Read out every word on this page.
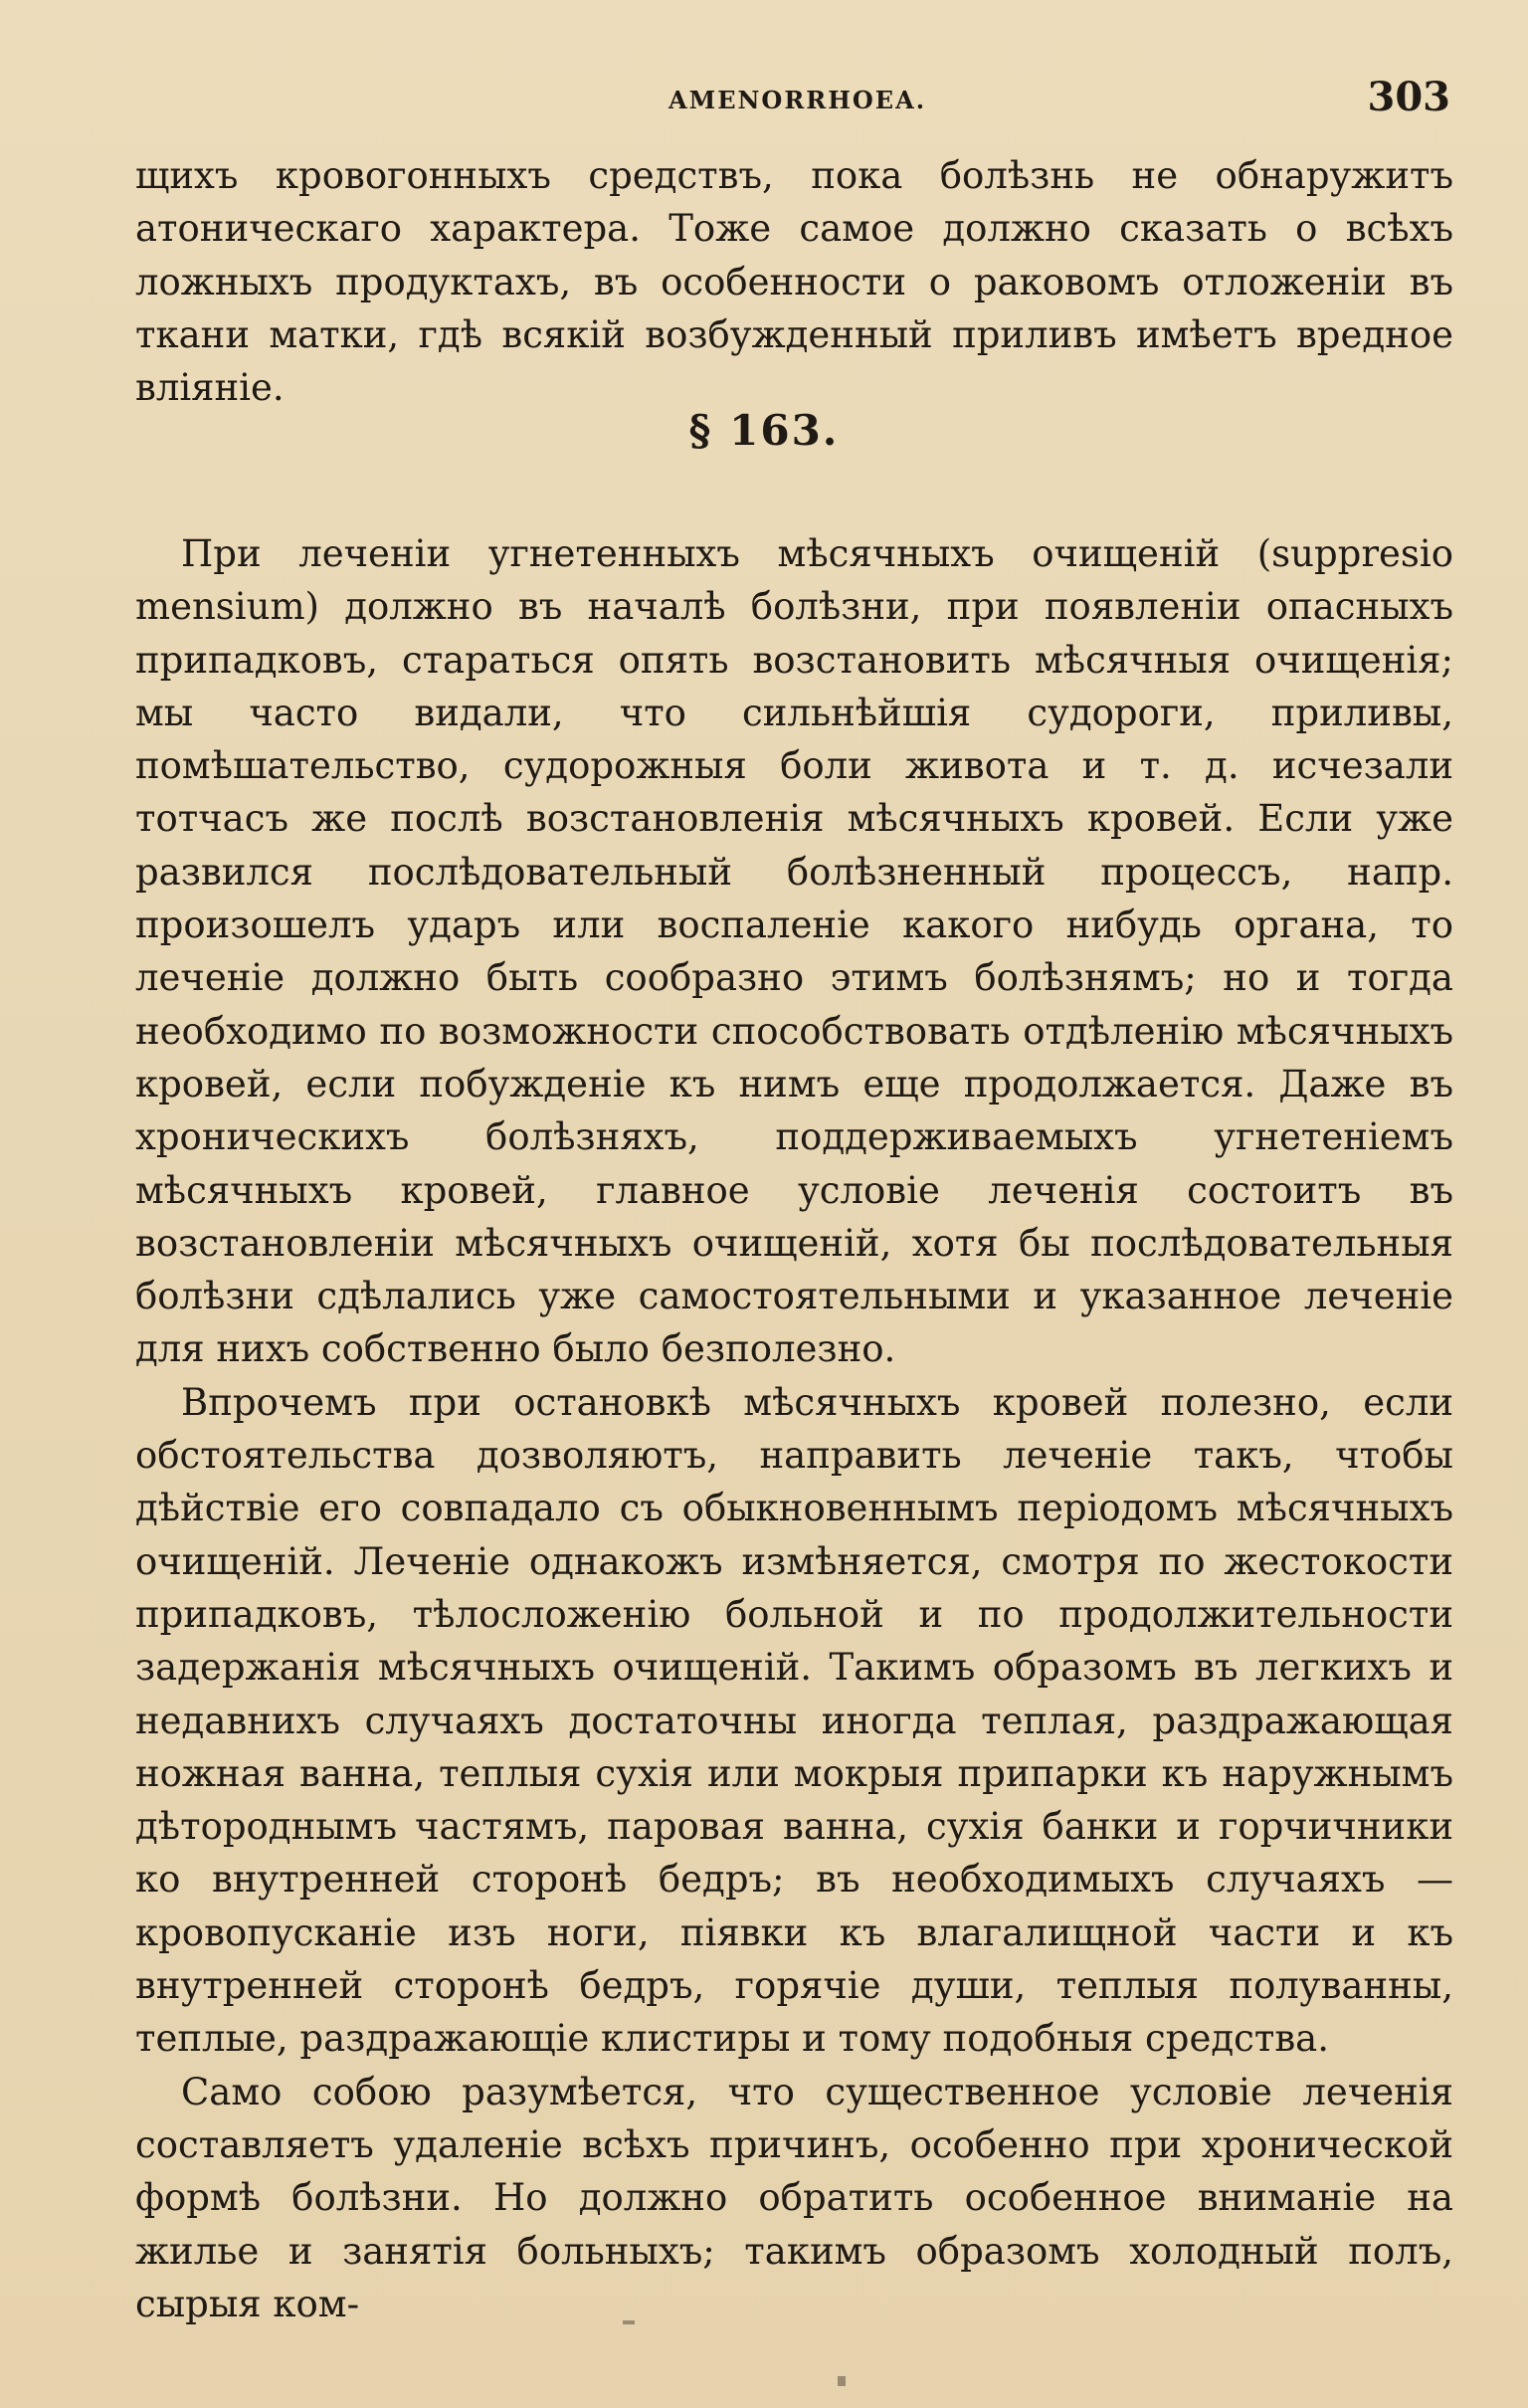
AMENORRHOEA.	303

щихъ кровогонныхъ средствъ, пока болѣзнь не обнаружитъ атоническаго характера. Тоже самое должно сказать о всѣхъ ложныхъ продуктахъ, въ особенности о раковомъ отложенiи въ ткани матки, гдѣ всякiй возбужденный приливъ имѣетъ вредное влiянiе.

§ 163.

При леченiи угнетенныхъ мѣсячныхъ очищенiй (suppresio mensium) должно въ началѣ болѣзни, при появленiи опасныхъ припадковъ, стараться опять возстановить мѣсячныя очищенiя; мы часто видали, что сильнѣйшiя судороги, приливы, помѣшательство, судорожныя боли живота и т. д. исчезали тотчасъ же послѣ возстановленiя мѣсячныхъ кровей. Если уже развился послѣдовательный болѣзненный процессъ, напр. произошелъ ударъ или воспаленiе какого нибудь органа, то леченiе должно быть сообразно этимъ болѣзнямъ; но и тогда необходимо по возможности способствовать отдѣленiю мѣсячныхъ кровей, если побужденiе къ нимъ еще продолжается. Даже въ хроническихъ болѣзняхъ, поддерживаемыхъ угнетенiемъ мѣсячныхъ кровей, главное условiе леченiя состоитъ въ возстановленiи мѣсячныхъ очищенiй, хотя бы послѣдовательныя болѣзни сдѣлались уже самостоятельными и указанное леченiе для нихъ собственно было безполезно.

Впрочемъ при остановкѣ мѣсячныхъ кровей полезно, если обстоятельства дозволяютъ, направить леченiе такъ, чтобы дѣйствiе его совпадало съ обыкновеннымъ перiодомъ мѣсячныхъ очищенiй. Леченiе однакожъ измѣняется, смотря по жестокости припадковъ, тѣлосложенiю больной и по продолжительности задержанiя мѣсячныхъ очищенiй. Такимъ образомъ въ легкихъ и недавнихъ случаяхъ достаточны иногда теплая, раздражающая ножная ванна, теплыя сухiя или мокрыя припарки къ наружнымъ дѣтороднымъ частямъ, паровая ванна, сухiя банки и горчичники ко внутренней сторонѣ бедръ; въ необходимыхъ случаяхъ — кровопусканiе изъ ноги, пiявки къ влагалищной части и къ внутренней сторонѣ бедръ, горячiе души, теплыя полуванны, теплые, раздражающiе клистиры и тому подобныя средства.

Само собою разумѣется, что существенное условiе леченiя составляетъ удаленiе всѣхъ причинъ, особенно при хронической формѣ болѣзни. Но должно обратить особенное вниманiе на жилье и занятiя больныхъ; такимъ образомъ холодный полъ, сырыя ком-
